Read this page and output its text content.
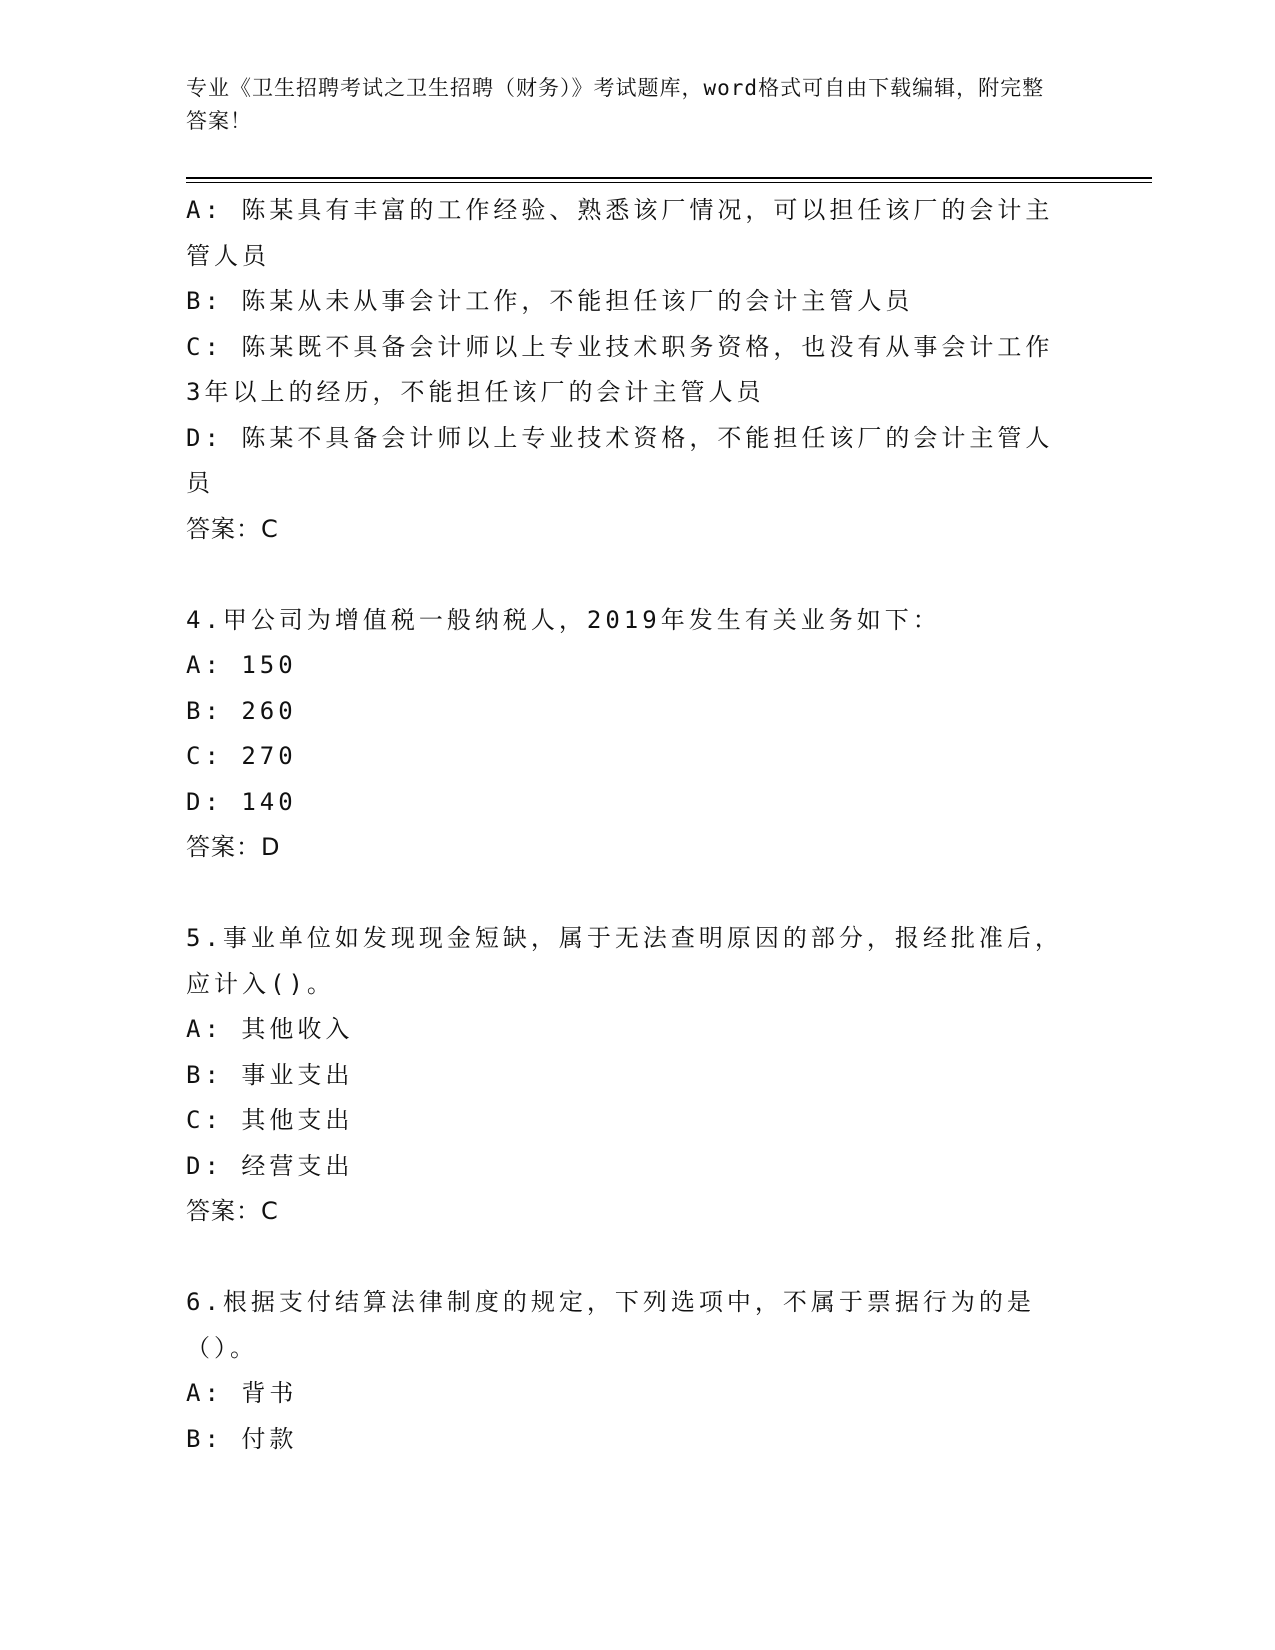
专业《卫生招聘考试之卫生招聘（财务）》考试题库，word格式可自由下载编辑，附完整答案！

A: 陈某具有丰富的工作经验、熟悉该厂情况，可以担任该厂的会计主管人员

B: 陈某从未从事会计工作，不能担任该厂的会计主管人员

C: 陈某既不具备会计师以上专业技术职务资格，也没有从事会计工作3年以上的经历，不能担任该厂的会计主管人员

D: 陈某不具备会计师以上专业技术资格，不能担任该厂的会计主管人员

答案：C

4.甲公司为增值税一般纳税人，2019年发生有关业务如下：

A: 150

B: 260

C: 270

D: 140

答案：D

5.事业单位如发现现金短缺，属于无法查明原因的部分，报经批准后，应计入()。

A: 其他收入

B: 事业支出

C: 其他支出

D: 经营支出

答案：C

6.根据支付结算法律制度的规定，下列选项中，不属于票据行为的是（）。

A: 背书

B: 付款
